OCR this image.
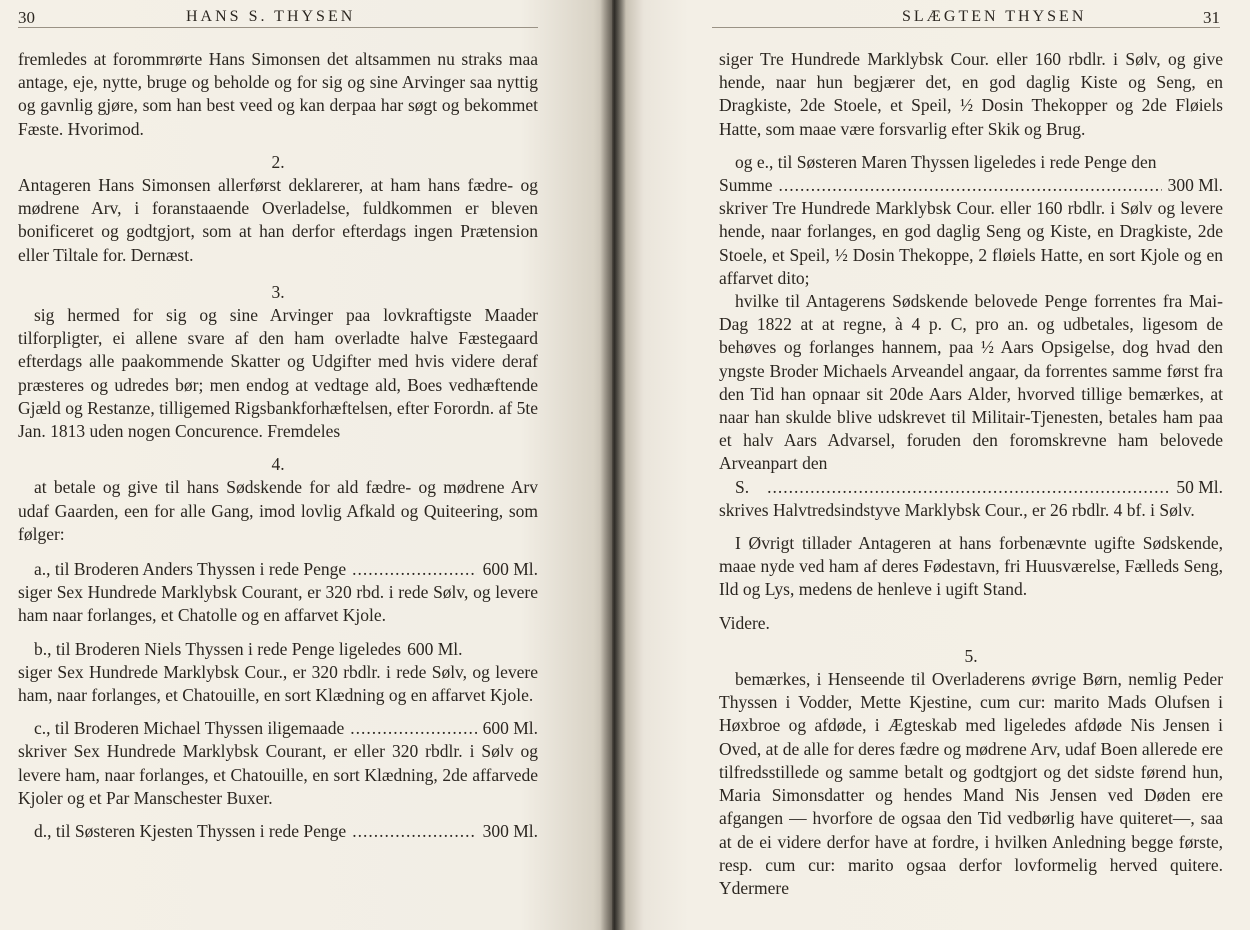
30	HANS S. THYSEN

fremledes at forommrørte Hans Simonsen det altsammen nu straks maa antage, eje, nytte, bruge og beholde og for sig og sine Arvinger saa nyttig og gavnlig gjøre, som han best veed og kan derpaa har søgt og bekommet Fæste. Hvorimod.

2.

Antageren Hans Simonsen allerførst deklarerer, at ham hans fædre- og mødrene Arv, i foranstaaende Overladelse, fuldkommen er bleven bonificeret og godtgjort, som at han derfor efterdags ingen Prætension eller Tiltale for. Dernæst.

3.

sig hermed for sig og sine Arvinger paa lovkraftigste Maader tilforpligter, ei allene svare af den ham overladte halve Fæstegaard efterdags alle paakommende Skatter og Udgifter med hvis videre deraf præsteres og udredes bør; men endog at vedtage ald, Boes vedhæftende Gjæld og Restanze, tilligemed Rigsbankforhæftelsen, efter Forordn. af 5te Jan. 1813 uden nogen Concurence. Fremdeles

4.

at betale og give til hans Sødskende for ald fædre- og mødrene Arv udaf Gaarden, een for alle Gang, imod lovlig Afkald og Quiteering, som følger:

a., til Broderen Anders Thyssen i rede Penge .....	600 Ml.

siger Sex Hundrede Marklybsk Courant, er 320 rbd. i rede Sølv, og levere ham naar forlanges, et Chatolle og en affarvet Kjole.

b., til Broderen Niels Thyssen i rede Penge ligeledes 600 Ml.

siger Sex Hundrede Marklybsk Cour., er 320 rbdlr. i rede Sølv, og levere ham, naar forlanges, et Chatouille, en sort Klædning og en affarvet Kjole.

c., til Broderen Michael Thyssen iligemaade .....	600 Ml.

skriver Sex Hundrede Marklybsk Courant, er eller 320 rbdlr. i Sølv og levere ham, naar forlanges, et Chatouille, en sort Klædning, 2de affarvede Kjoler og et Par Manschester Buxer.

d., til Søsteren Kjesten Thyssen i rede Penge .....	300 Ml.
SLÆGTEN THYSEN	31

siger Tre Hundrede Marklybsk Cour. eller 160 rbdlr. i Sølv, og give hende, naar hun begjærer det, en god daglig Kiste og Seng, en Dragkiste, 2de Stoele, et Speil, ½ Dosin Thekopper og 2de Fløiels Hatte, som maae være forsvarlig efter Skik og Brug.

og e., til Søsteren Maren Thyssen ligeledes i rede Penge den

Summe .....	300 Ml.

skriver Tre Hundrede Marklybsk Cour. eller 160 rbdlr. i Sølv og levere hende, naar forlanges, en god daglig Seng og Kiste, en Dragkiste, 2de Stoele, et Speil, ½ Dosin Thekoppe, 2 fløiels Hatte, en sort Kjole og en affarvet dito;

hvilke til Antagerens Sødskende belovede Penge forrentes fra Mai-Dag 1822 at at regne, à 4 p. C, pro an. og udbetales, ligesom de behøves og forlanges hannem, paa ½ Aars Opsigelse, dog hvad den yngste Broder Michaels Arveandel angaar, da forrentes samme først fra den Tid han opnaar sit 20de Aars Alder, hvorved tillige bemærkes, at naar han skulde blive udskrevet til Militair-Tjenesten, betales ham paa et halv Aars Advarsel, foruden den foromskrevne ham belovede Arveanpart den

S. .....	50 Ml.

skrives Halvtredsindstyve Marklybsk Cour., er 26 rbdlr. 4 bf. i Sølv.

I Øvrigt tillader Antageren at hans forbenævnte ugifte Sødskende, maae nyde ved ham af deres Fødestavn, fri Huusværelse, Fælleds Seng, Ild og Lys, medens de henleve i ugift Stand.

Videre.

5.

bemærkes, i Henseende til Overladerens øvrige Børn, nemlig Peder Thyssen i Vodder, Mette Kjestine, cum cur: marito Mads Olufsen i Høxbroe og afdøde, i Ægteskab med ligeledes afdøde Nis Jensen i Oved, at de alle for deres fædre og mødrene Arv, udaf Boen allerede ere tilfredsstillede og samme betalt og godtgjort og det sidste førend hun, Maria Simonsdatter og hendes Mand Nis Jensen ved Døden ere afgangen — hvorfore de ogsaa den Tid vedbørlig have quiteret—, saa at de ei videre derfor have at fordre, i hvilken Anledning begge første, resp. cum cur: marito ogsaa derfor lovformelig herved quitere. Ydermere
